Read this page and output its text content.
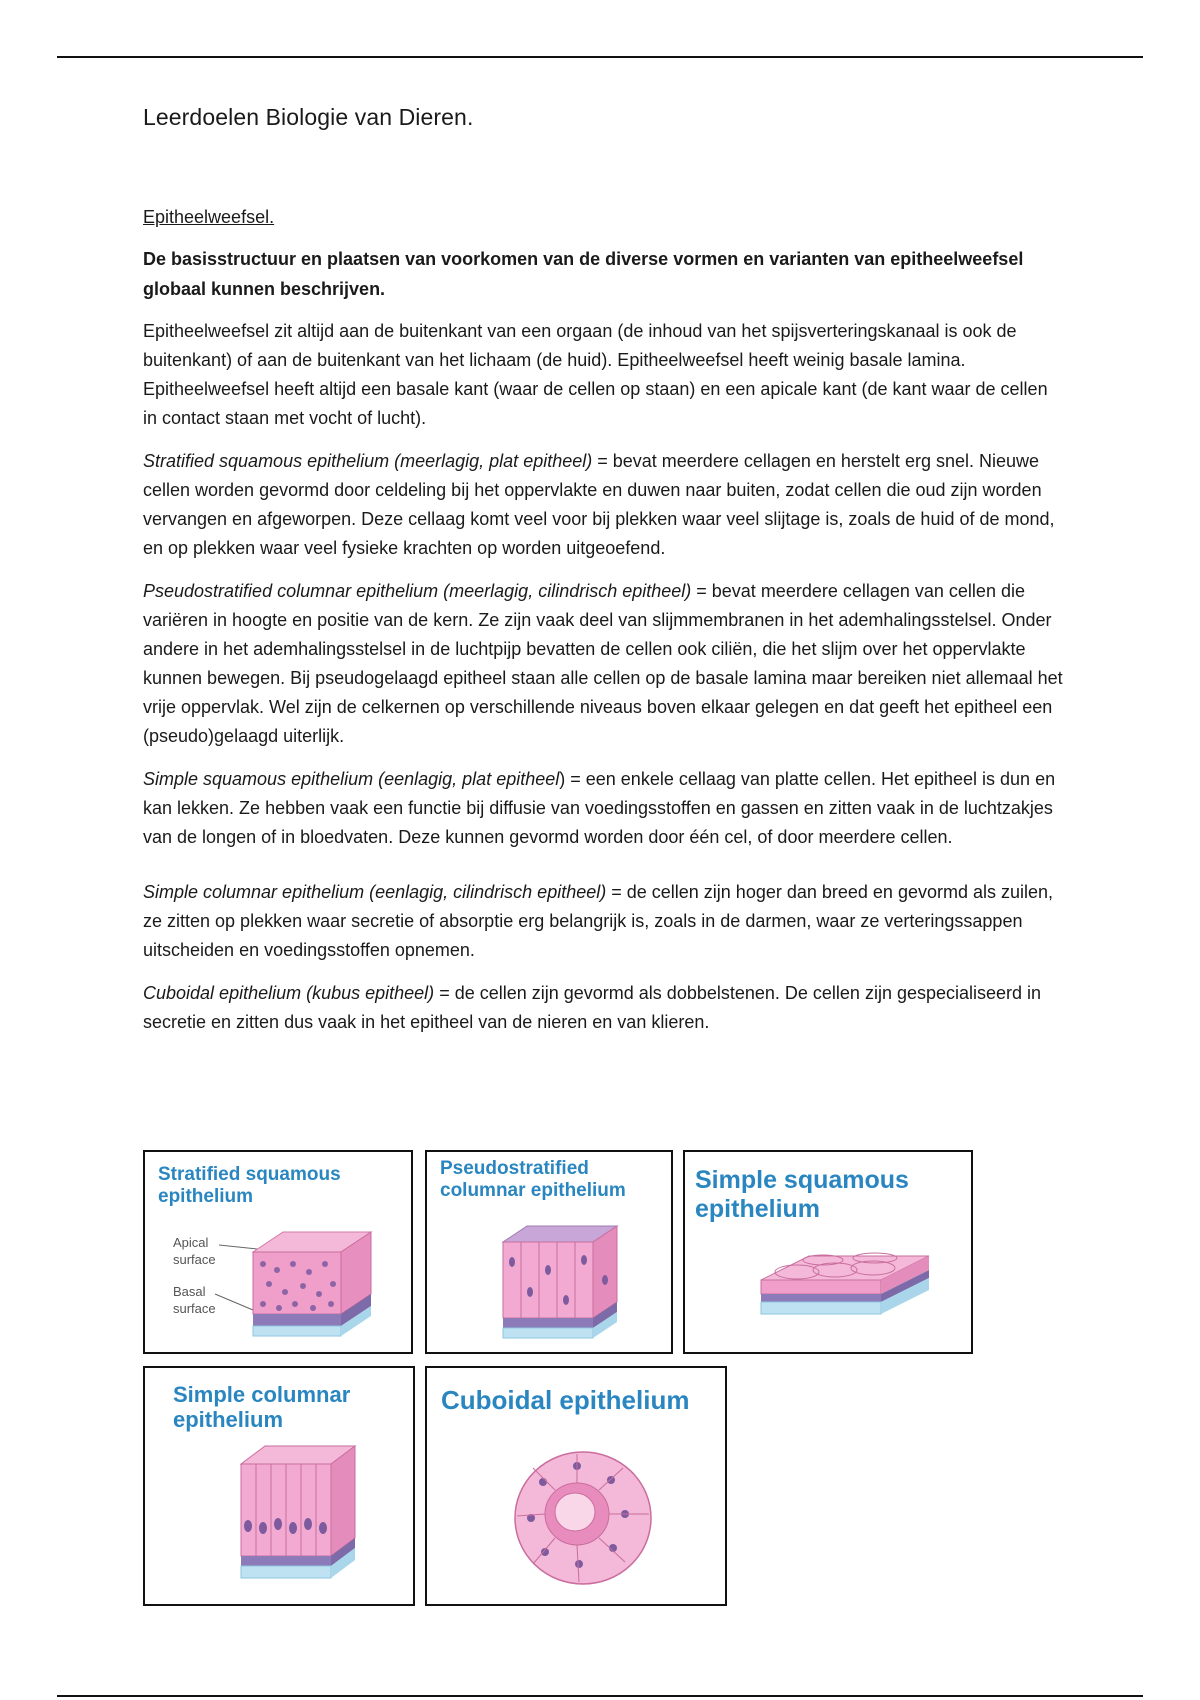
Leerdoelen Biologie van Dieren.
Epitheelweefsel.

De basisstructuur en plaatsen van voorkomen van de diverse vormen en varianten van epitheelweefsel globaal kunnen beschrijven.

Epitheelweefsel zit altijd aan de buitenkant van een orgaan (de inhoud van het spijsverteringskanaal is ook de buitenkant) of aan de buitenkant van het lichaam (de huid). Epitheelweefsel heeft weinig basale lamina. Epitheelweefsel heeft altijd een basale kant (waar de cellen op staan) en een apicale kant (de kant waar de cellen in contact staan met vocht of lucht).

Stratified squamous epithelium (meerlagig, plat epitheel) = bevat meerdere cellagen en herstelt erg snel. Nieuwe cellen worden gevormd door celdeling bij het oppervlakte en duwen naar buiten, zodat cellen die oud zijn worden vervangen en afgeworpen. Deze cellaag komt veel voor bij plekken waar veel slijtage is, zoals de huid of de mond, en op plekken waar veel fysieke krachten op worden uitgeoefend.

Pseudostratified columnar epithelium (meerlagig, cilindrisch epitheel) = bevat meerdere cellagen van cellen die variëren in hoogte en positie van de kern. Ze zijn vaak deel van slijmmembranen in het ademhalingsstelsel. Onder andere in het ademhalingsstelsel in de luchtpijp bevatten de cellen ook ciliën, die het slijm over het oppervlakte kunnen bewegen. Bij pseudogelaagd epitheel staan alle cellen op de basale lamina maar bereiken niet allemaal het vrije oppervlak. Wel zijn de celkernen op verschillende niveaus boven elkaar gelegen en dat geeft het epitheel een (pseudo)gelaagd uiterlijk.

Simple squamous epithelium (eenlagig, plat epitheel) = een enkele cellaag van platte cellen. Het epitheel is dun en kan lekken. Ze hebben vaak een functie bij diffusie van voedingsstoffen en gassen en zitten vaak in de luchtzakjes van de longen of in bloedvaten. Deze kunnen gevormd worden door één cel, of door meerdere cellen.

Simple columnar epithelium (eenlagig, cilindrisch epitheel) = de cellen zijn hoger dan breed en gevormd als zuilen, ze zitten op plekken waar secretie of absorptie erg belangrijk is, zoals in de darmen, waar ze verteringssappen uitscheiden en voedingsstoffen opnemen.

Cuboidal epithelium (kubus epitheel) = de cellen zijn gevormd als dobbelstenen. De cellen zijn gespecialiseerd in secretie en zitten dus vaak in het epitheel van de nieren en van klieren.

Stratified squamous epithelium
Apical surface
Basal surface
Pseudostratified columnar epithelium	Simple squamous epithelium
Simple columnar epithelium
Cuboidal epithelium
